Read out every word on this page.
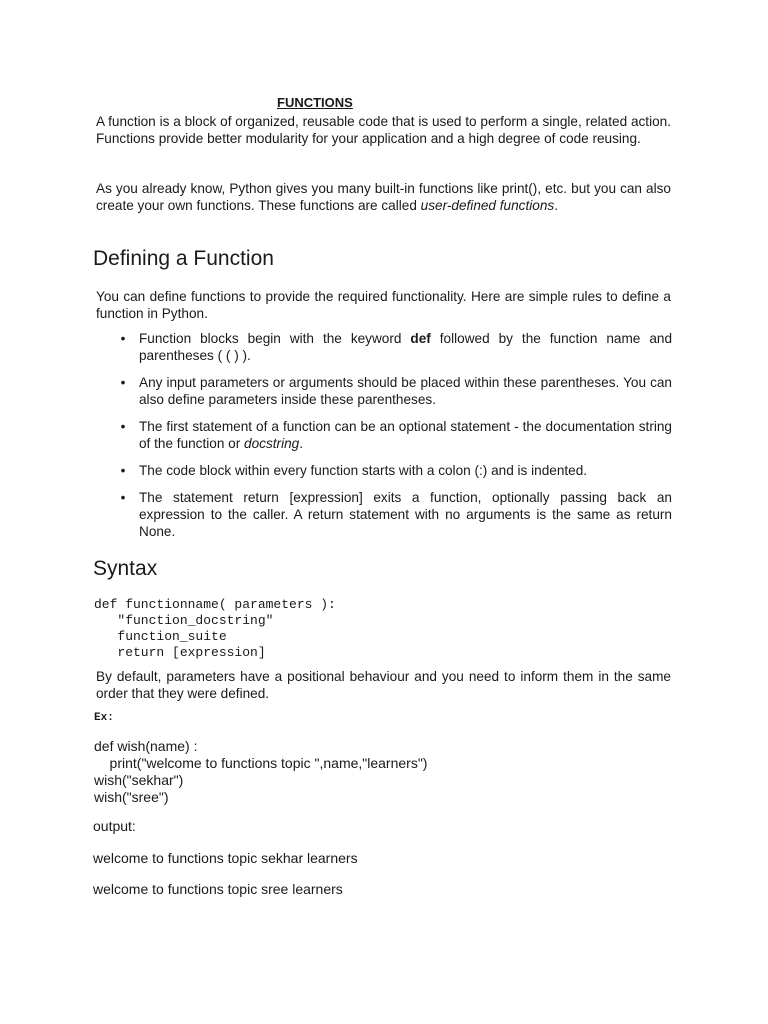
FUNCTIONS

A function is a block of organized, reusable code that is used to perform a single, related action. Functions provide better modularity for your application and a high degree of code reusing.

As you already know, Python gives you many built-in functions like print(), etc. but you can also create your own functions. These functions are called user-defined functions.

Defining a Function

You can define functions to provide the required functionality. Here are simple rules to define a function in Python.

• Function blocks begin with the keyword def followed by the function name and parentheses ( ( ) ).
• Any input parameters or arguments should be placed within these parentheses. You can also define parameters inside these parentheses.
• The first statement of a function can be an optional statement - the documentation string of the function or docstring.
• The code block within every function starts with a colon (:) and is indented.
• The statement return [expression] exits a function, optionally passing back an expression to the caller. A return statement with no arguments is the same as return None.
Syntax
def functionname( parameters ):
"function_docstring"
function_suite
return [expression]

By default, parameters have a positional behaviour and you need to inform them in the same order that they were defined.

Ex:
def wish(name) :
print("welcome to functions topic ",name,"learners")
wish("sekhar")
wish("sree")
output:
welcome to functions topic sekhar learners
welcome to functions topic sree learners
